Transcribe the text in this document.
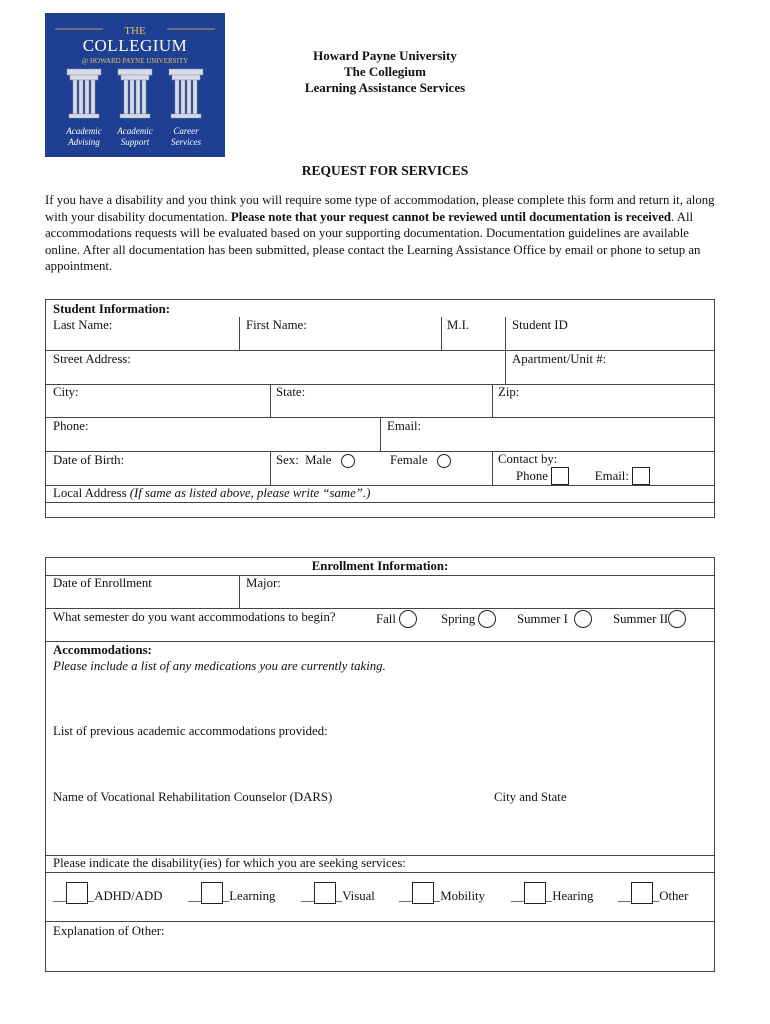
THE
COLLEGIUM
@ HOWARD PAYNE UNIVERSITY
Academic
Advising
Academic
Support
Career
Services
Howard Payne University
The Collegium
Learning Assistance Services
REQUEST FOR SERVICES
If you have a disability and you think you will require some type of accommodation, please complete this form and return it, along with your disability documentation. Please note that your request cannot be reviewed until documentation is received. All accommodations requests will be evaluated based on your supporting documentation. Documentation guidelines are available online. After all documentation has been submitted, please contact the Learning Assistance Office by email or phone to setup an appointment.
Student Information:
Last Name:	First Name:	M.I.	Student ID
Street Address:	Apartment/Unit #:
City:	State:	Zip:
Phone:	Email:
Date of Birth:	Sex: Male	Female	Contact by:
Phone	Email:
Local Address (If same as listed above, please write “same”.)
Enrollment Information:
Date of Enrollment	Major:
What semester do you want accommodations to begin?	Fall	Spring	Summer I	Summer II
Accommodations:
Please include a list of any medications you are currently taking.
List of previous academic accommodations provided:
Name of Vocational Rehabilitation Counselor (DARS)	City and State
Please indicate the disability(ies) for which you are seeking services:
__ _ADHD/ADD __ _Learning __ _Visual __ _Mobility __ _Hearing __ _Other
Explanation of Other:
